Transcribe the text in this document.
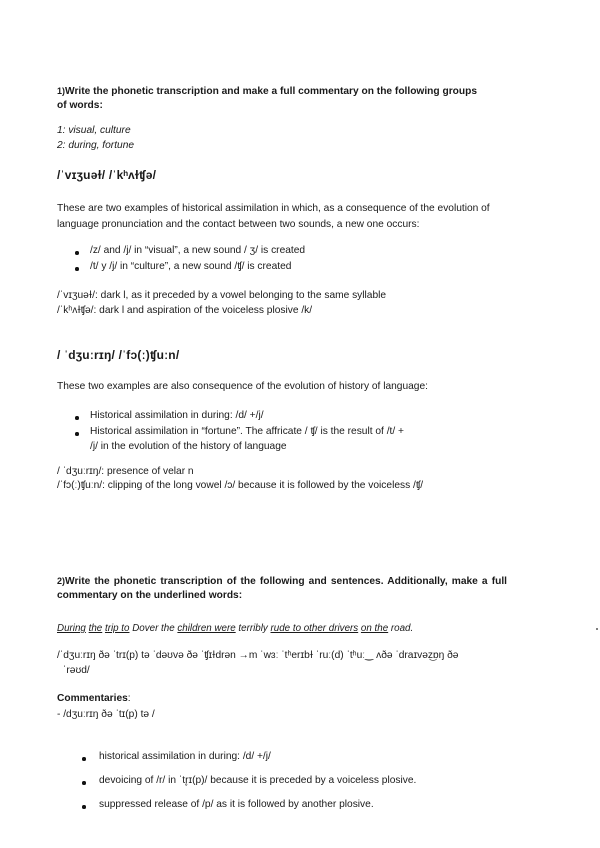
1)Write the phonetic transcription and make a full commentary on the following groups of words:
1: visual, culture
2: during, fortune
/ˈvɪʒuəɫ/ /ˈkʰʌɫʧə/
These are two examples of historical assimilation in which, as a consequence of the evolution of language pronunciation and the contact between two sounds, a new one occurs:
/z/ and /j/ in “visual”, a new sound / ʒ/ is created
/t/ y /j/ in “culture”, a new sound /ʧ/ is created
/ˈvɪʒuəɫ/: dark l, as it preceded by a vowel belonging to the same syllable
/ˈkʰʌɫʧə/: dark l and aspiration of the voiceless plosive /k/
/ ˈdʒuːrɪŋ/ /ˈfɔ(ː)ʧuːn/
These two examples are also consequence of the evolution of history of language:
Historical assimilation in during: /d/ +/j/
Historical assimilation in “fortune”. The affricate / ʧ/ is the result of /t/ +
/j/ in the evolution of the history of language
/ ˈdʒuːrɪŋ/: presence of velar n
/ˈfɔ(ː)ʧuːn/: clipping of the long vowel /ɔ/ because it is followed by the voiceless /ʧ/
2)Write the phonetic transcription of the following and sentences. Additionally, make a full commentary on the underlined words:
During the trip to Dover the children were terribly rude to other drivers on the road.
/ˈdʒuːrɪŋ ðə ˈtrɪ(p) tə ˈdəʊvə ðə ˈʧɪɫdrən →m ˈwɜː ˈtʰerɪbɫ ˈruː(d) ˈtʰuː‿ ʌðə ˈdraɪvəz͜ɒŋ ðə
ˈrəʊd/
Commentaries:
- /dʒuːrɪŋ ðə ˈtɪ(p) tə /
historical assimilation in during: /d/ +/j/
devoicing of /r/ in ˈtr̥ɪ(p)/ because it is preceded by a voiceless plosive.
suppressed release of /p/ as it is followed by another plosive.
